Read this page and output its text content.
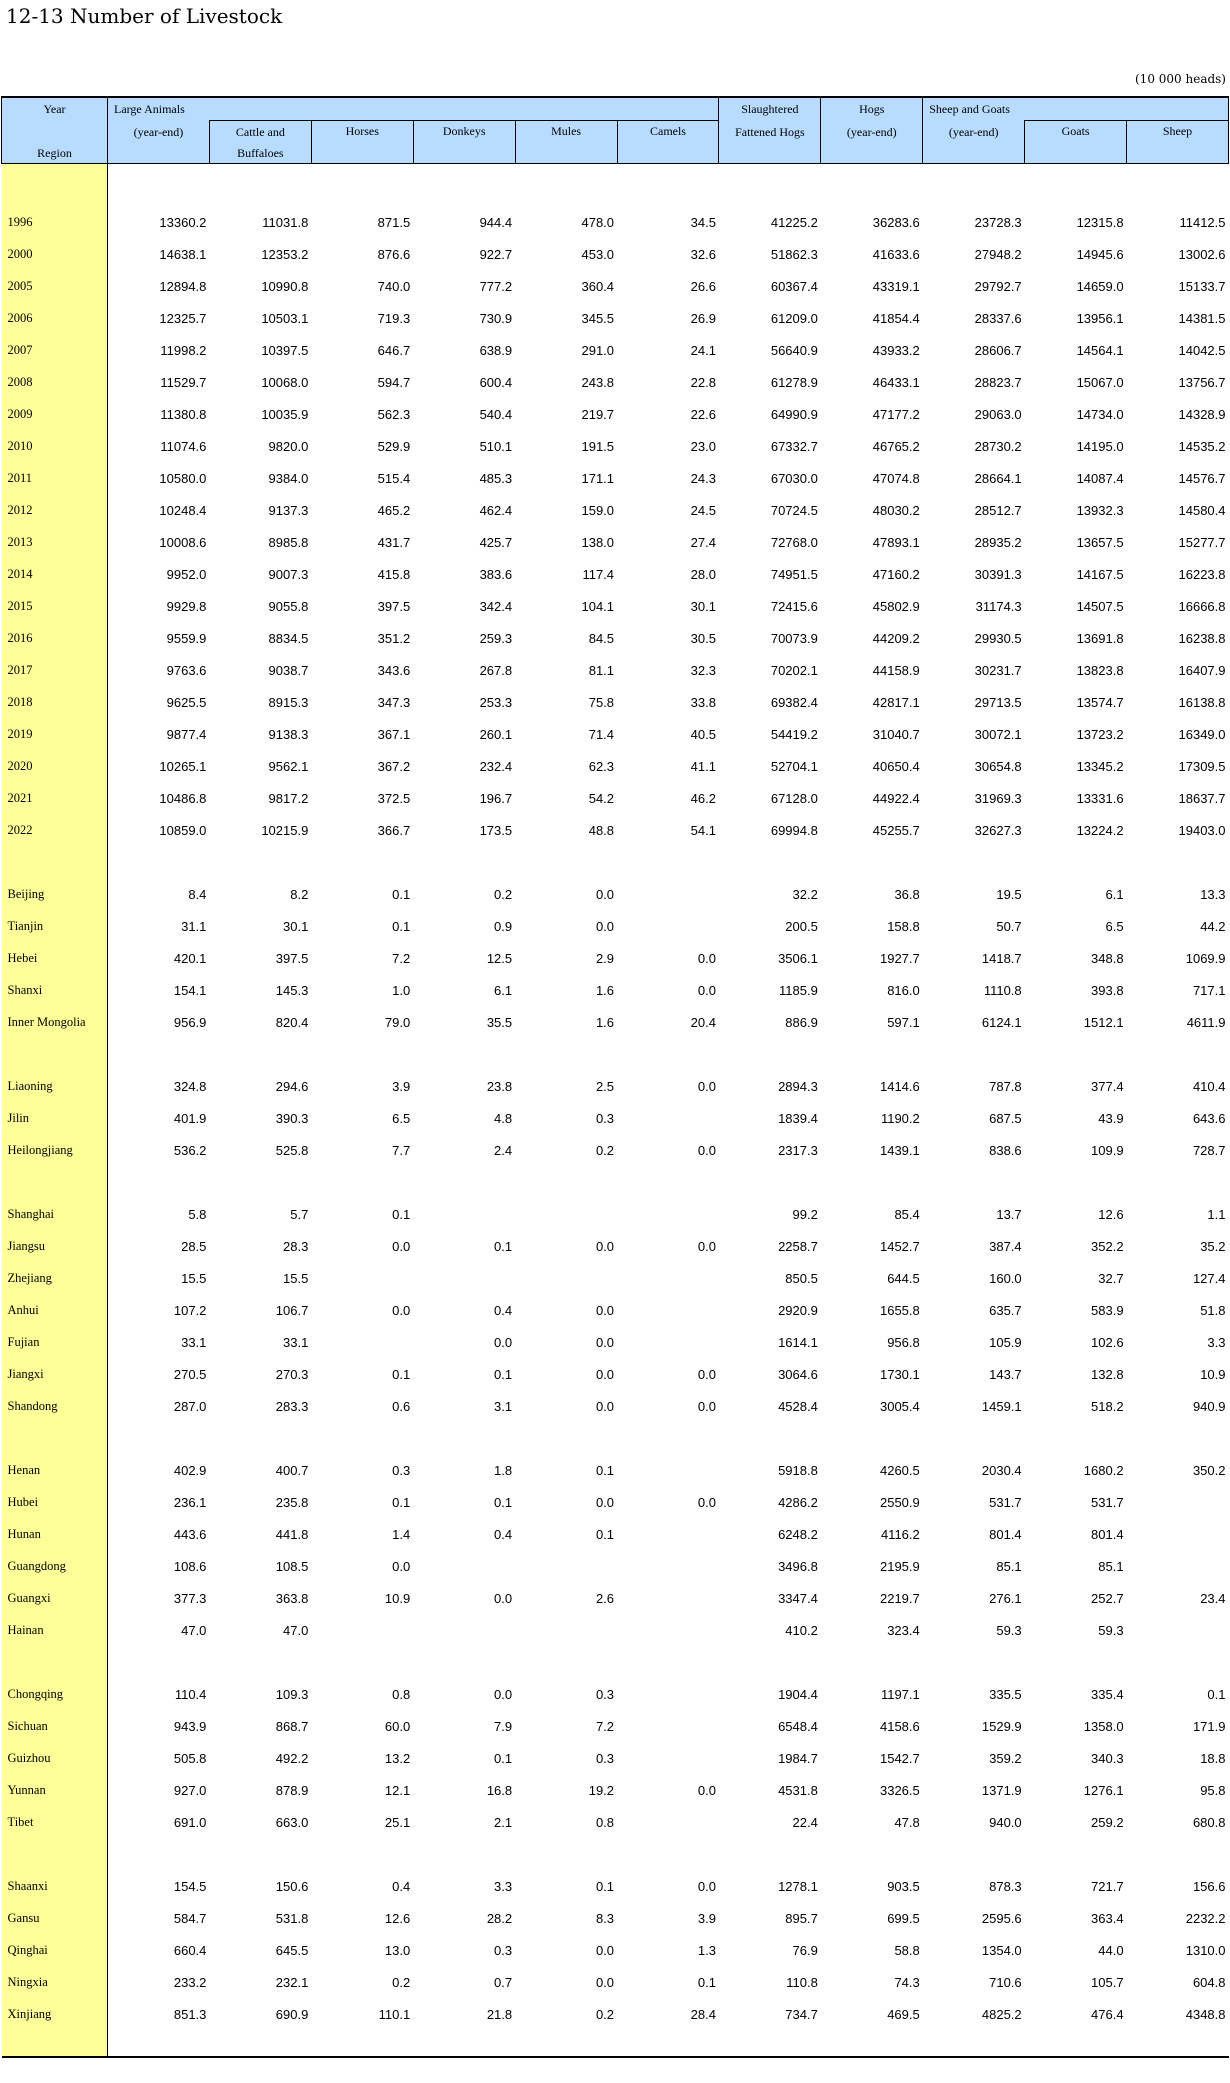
12-13 Number of Livestock
(10 000 heads)
Year	Large Animals						Slaughtered	Hogs	Sheep and Goats		
	(year-end)	Cattle and	Horses	Donkeys	Mules	Camels	Fattened Hogs	(year-end)	(year-end)	Goats	Sheep
Region		Buffaloes									

1996	13360.2	11031.8	871.5	944.4	478.0	34.5	41225.2	36283.6	23728.3	12315.8	11412.5
2000	14638.1	12353.2	876.6	922.7	453.0	32.6	51862.3	41633.6	27948.2	14945.6	13002.6
2005	12894.8	10990.8	740.0	777.2	360.4	26.6	60367.4	43319.1	29792.7	14659.0	15133.7
2006	12325.7	10503.1	719.3	730.9	345.5	26.9	61209.0	41854.4	28337.6	13956.1	14381.5
2007	11998.2	10397.5	646.7	638.9	291.0	24.1	56640.9	43933.2	28606.7	14564.1	14042.5
2008	11529.7	10068.0	594.7	600.4	243.8	22.8	61278.9	46433.1	28823.7	15067.0	13756.7
2009	11380.8	10035.9	562.3	540.4	219.7	22.6	64990.9	47177.2	29063.0	14734.0	14328.9
2010	11074.6	9820.0	529.9	510.1	191.5	23.0	67332.7	46765.2	28730.2	14195.0	14535.2
2011	10580.0	9384.0	515.4	485.3	171.1	24.3	67030.0	47074.8	28664.1	14087.4	14576.7
2012	10248.4	9137.3	465.2	462.4	159.0	24.5	70724.5	48030.2	28512.7	13932.3	14580.4
2013	10008.6	8985.8	431.7	425.7	138.0	27.4	72768.0	47893.1	28935.2	13657.5	15277.7
2014	9952.0	9007.3	415.8	383.6	117.4	28.0	74951.5	47160.2	30391.3	14167.5	16223.8
2015	9929.8	9055.8	397.5	342.4	104.1	30.1	72415.6	45802.9	31174.3	14507.5	16666.8
2016	9559.9	8834.5	351.2	259.3	84.5	30.5	70073.9	44209.2	29930.5	13691.8	16238.8
2017	9763.6	9038.7	343.6	267.8	81.1	32.3	70202.1	44158.9	30231.7	13823.8	16407.9
2018	9625.5	8915.3	347.3	253.3	75.8	33.8	69382.4	42817.1	29713.5	13574.7	16138.8
2019	9877.4	9138.3	367.1	260.1	71.4	40.5	54419.2	31040.7	30072.1	13723.2	16349.0
2020	10265.1	9562.1	367.2	232.4	62.3	41.1	52704.1	40650.4	30654.8	13345.2	17309.5
2021	10486.8	9817.2	372.5	196.7	54.2	46.2	67128.0	44922.4	31969.3	13331.6	18637.7
2022	10859.0	10215.9	366.7	173.5	48.8	54.1	69994.8	45255.7	32627.3	13224.2	19403.0

Beijing	8.4	8.2	0.1	0.2	0.0		32.2	36.8	19.5	6.1	13.3
Tianjin	31.1	30.1	0.1	0.9	0.0		200.5	158.8	50.7	6.5	44.2
Hebei	420.1	397.5	7.2	12.5	2.9	0.0	3506.1	1927.7	1418.7	348.8	1069.9
Shanxi	154.1	145.3	1.0	6.1	1.6	0.0	1185.9	816.0	1110.8	393.8	717.1
Inner Mongolia	956.9	820.4	79.0	35.5	1.6	20.4	886.9	597.1	6124.1	1512.1	4611.9

Liaoning	324.8	294.6	3.9	23.8	2.5	0.0	2894.3	1414.6	787.8	377.4	410.4
Jilin	401.9	390.3	6.5	4.8	0.3		1839.4	1190.2	687.5	43.9	643.6
Heilongjiang	536.2	525.8	7.7	2.4	0.2	0.0	2317.3	1439.1	838.6	109.9	728.7

Shanghai	5.8	5.7	0.1				99.2	85.4	13.7	12.6	1.1
Jiangsu	28.5	28.3	0.0	0.1	0.0	0.0	2258.7	1452.7	387.4	352.2	35.2
Zhejiang	15.5	15.5					850.5	644.5	160.0	32.7	127.4
Anhui	107.2	106.7	0.0	0.4	0.0		2920.9	1655.8	635.7	583.9	51.8
Fujian	33.1	33.1		0.0	0.0		1614.1	956.8	105.9	102.6	3.3
Jiangxi	270.5	270.3	0.1	0.1	0.0	0.0	3064.6	1730.1	143.7	132.8	10.9
Shandong	287.0	283.3	0.6	3.1	0.0	0.0	4528.4	3005.4	1459.1	518.2	940.9

Henan	402.9	400.7	0.3	1.8	0.1		5918.8	4260.5	2030.4	1680.2	350.2
Hubei	236.1	235.8	0.1	0.1	0.0	0.0	4286.2	2550.9	531.7	531.7	
Hunan	443.6	441.8	1.4	0.4	0.1		6248.2	4116.2	801.4	801.4	
Guangdong	108.6	108.5	0.0				3496.8	2195.9	85.1	85.1	
Guangxi	377.3	363.8	10.9	0.0	2.6		3347.4	2219.7	276.1	252.7	23.4
Hainan	47.0	47.0					410.2	323.4	59.3	59.3	

Chongqing	110.4	109.3	0.8	0.0	0.3		1904.4	1197.1	335.5	335.4	0.1
Sichuan	943.9	868.7	60.0	7.9	7.2		6548.4	4158.6	1529.9	1358.0	171.9
Guizhou	505.8	492.2	13.2	0.1	0.3		1984.7	1542.7	359.2	340.3	18.8
Yunnan	927.0	878.9	12.1	16.8	19.2	0.0	4531.8	3326.5	1371.9	1276.1	95.8
Tibet	691.0	663.0	25.1	2.1	0.8		22.4	47.8	940.0	259.2	680.8

Shaanxi	154.5	150.6	0.4	3.3	0.1	0.0	1278.1	903.5	878.3	721.7	156.6
Gansu	584.7	531.8	12.6	28.2	8.3	3.9	895.7	699.5	2595.6	363.4	2232.2
Qinghai	660.4	645.5	13.0	0.3	0.0	1.3	76.9	58.8	1354.0	44.0	1310.0
Ningxia	233.2	232.1	0.2	0.7	0.0	0.1	110.8	74.3	710.6	105.7	604.8
Xinjiang	851.3	690.9	110.1	21.8	0.2	28.4	734.7	469.5	4825.2	476.4	4348.8
